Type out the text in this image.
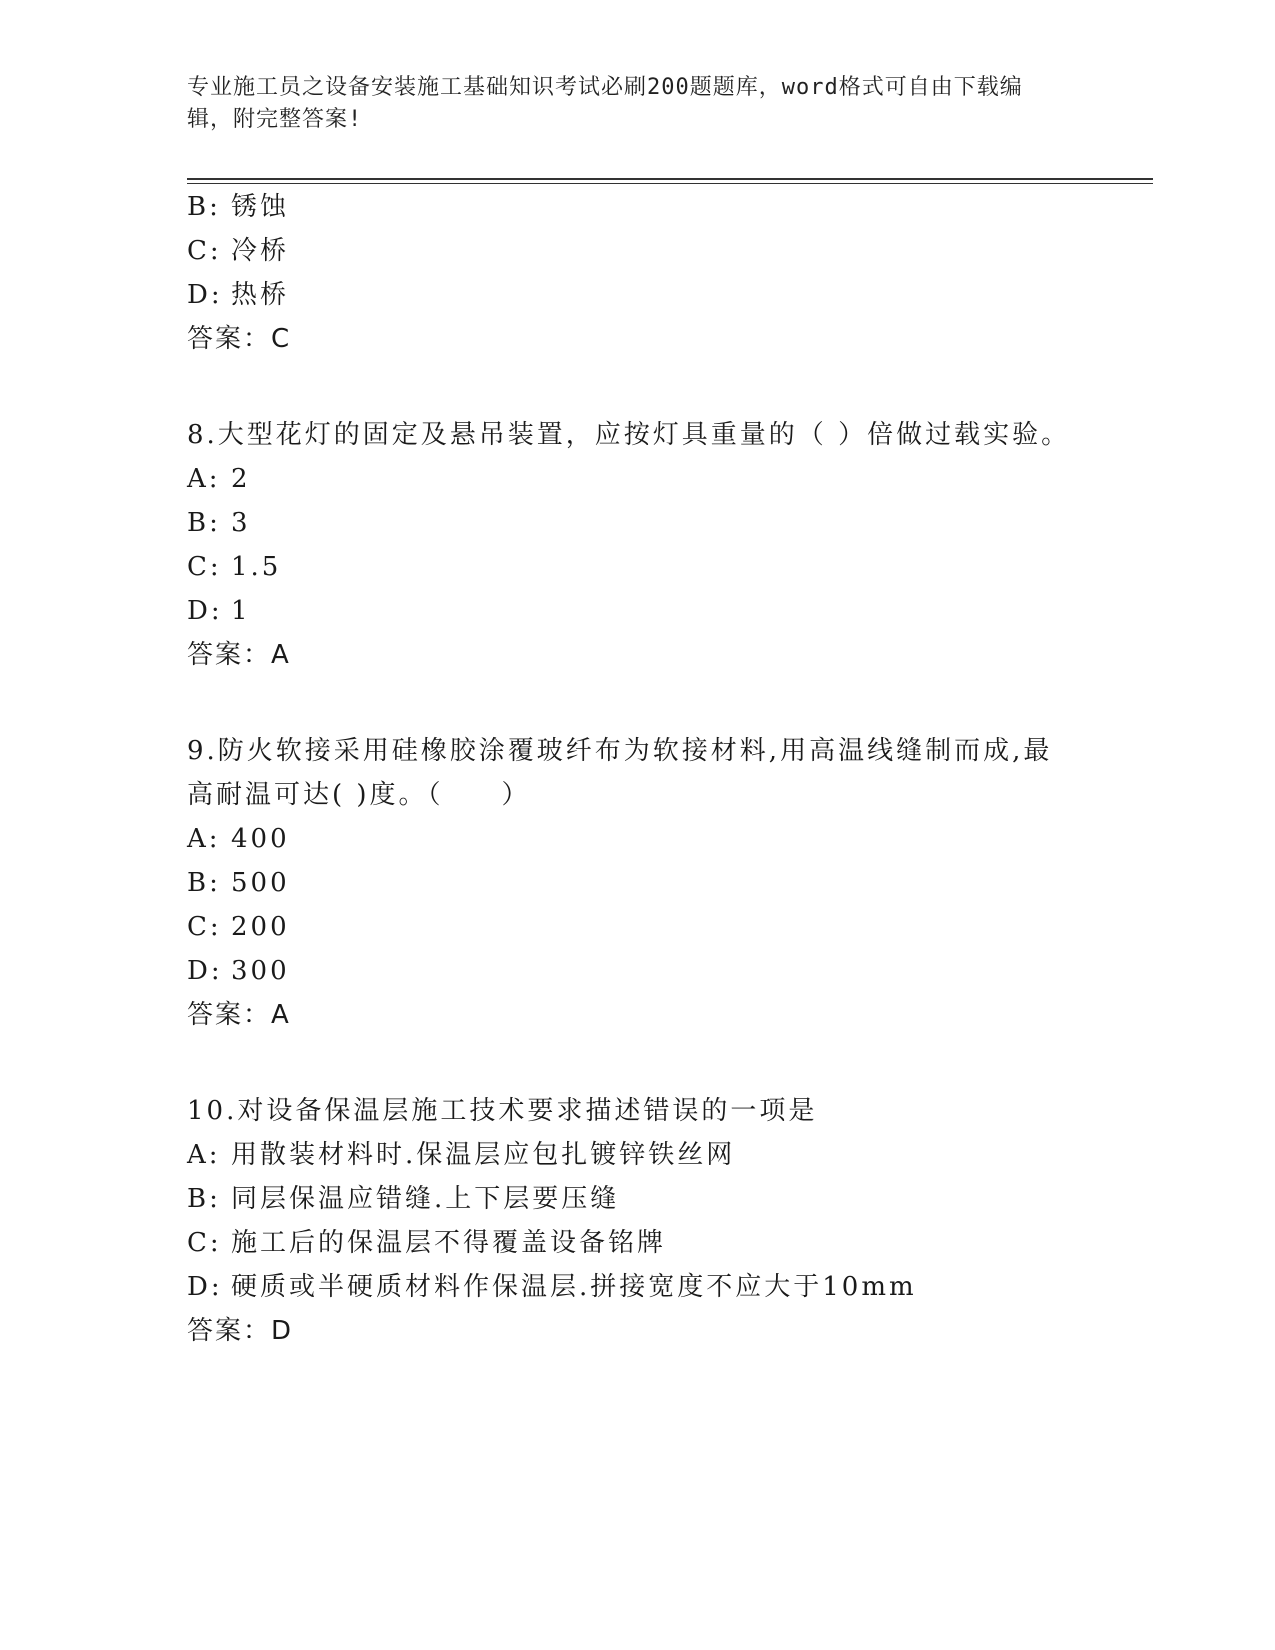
专业施工员之设备安装施工基础知识考试必刷200题题库，word格式可自由下载编辑，附完整答案!
B: 锈蚀
C: 冷桥
D: 热桥
答案：C
8.大型花灯的固定及悬吊装置，应按灯具重量的（ ）倍做过载实验。
A: 2
B: 3
C: 1.5
D: 1
答案：A
9.防火软接采用硅橡胶涂覆玻纤布为软接材料,用高温线缝制而成,最
高耐温可达( )度。（　　）
A: 400
B: 500
C: 200
D: 300
答案：A
10.对设备保温层施工技术要求描述错误的一项是
A: 用散装材料时.保温层应包扎镀锌铁丝网
B: 同层保温应错缝.上下层要压缝
C: 施工后的保温层不得覆盖设备铭牌
D: 硬质或半硬质材料作保温层.拼接宽度不应大于10mm
答案：D
